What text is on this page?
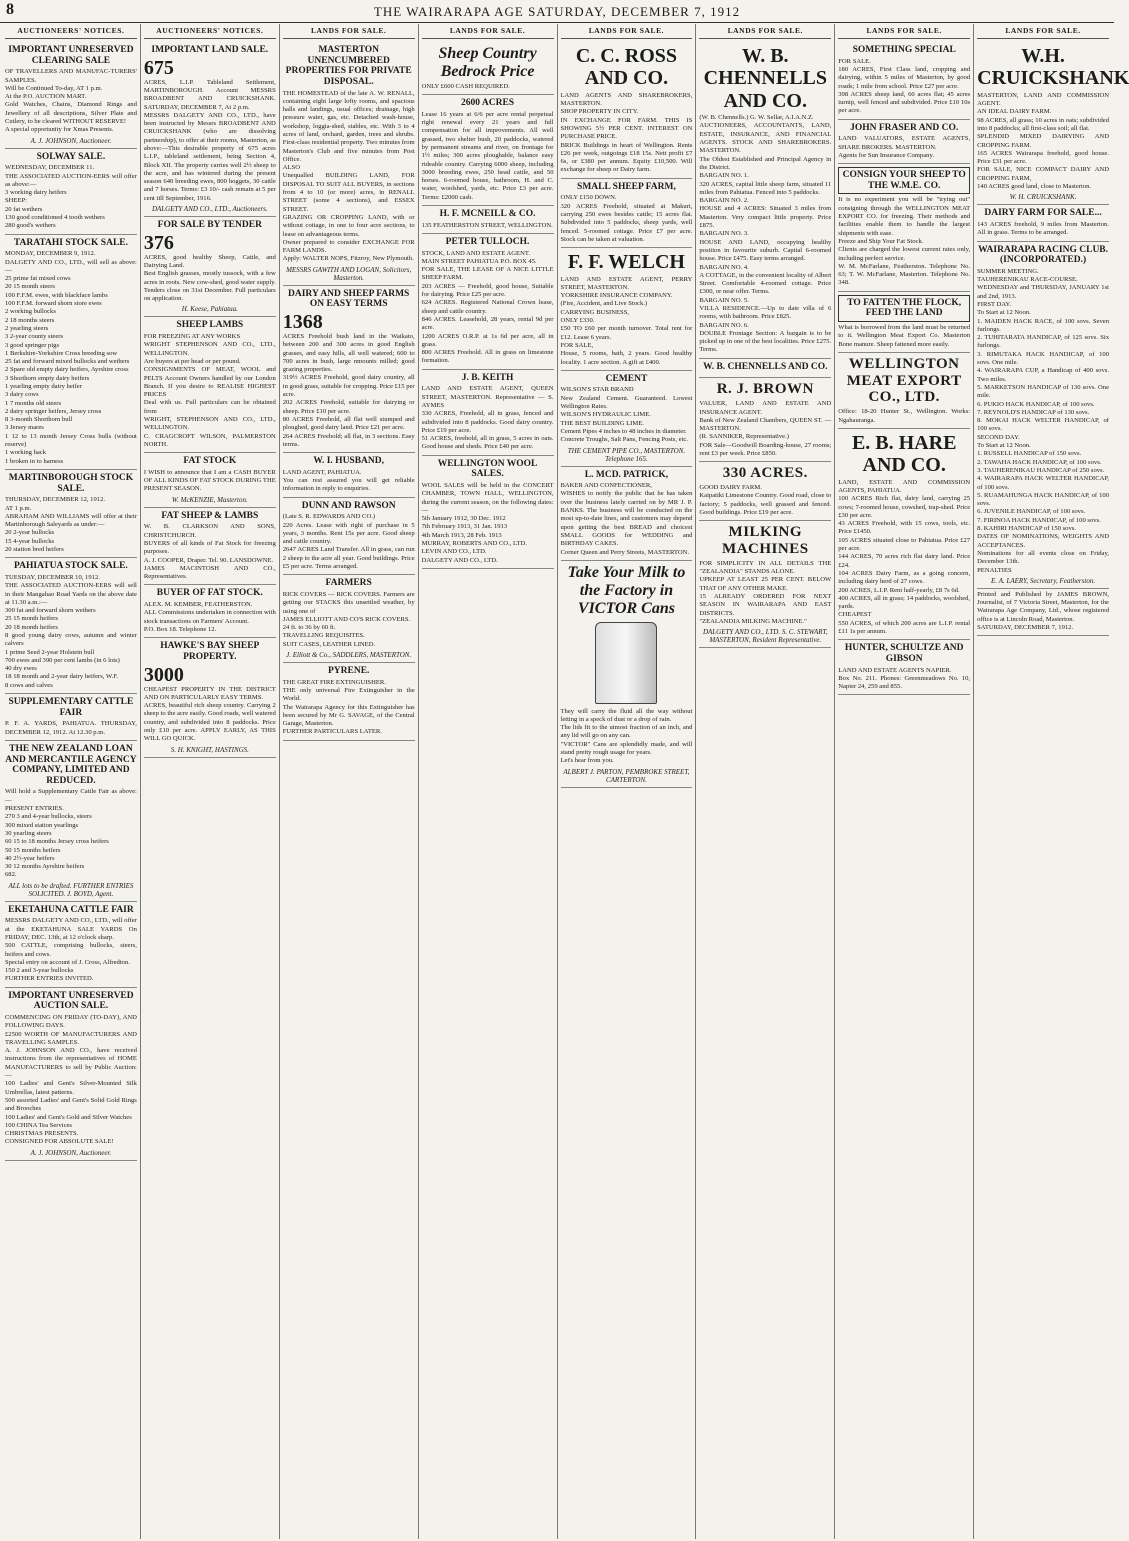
8	THE WAIRARAPA AGE SATURDAY, DECEMBER 7, 1912
AUCTIONEERS' NOTICES.
IMPORTANT UNRESERVED CLEARING SALE
OF TRAVELLERS AND MANUFAC-TURERS' SAMPLES.
Will be Continued To-day, AT 1 p.m.
At the P.O. AUCTION MART.
Gold Watches, Chains, Diamond Rings and Jewellery of all descriptions, Silver Plate and Cutlery, to be cleared WITHOUT RESERVE!
A special opportunity for Xmas Presents.
A. J. JOHNSON, Auctioneer.
SOLWAY SALE.
WEDNESDAY, DECEMBER 11.
THE ASSOCIATED AUCTION-EERS will offer as above:—
3 working dairy heifers
SHEEP:
20 fat wethers
130 good conditioned 4 tooth wethers
280 good's wethers
TARATAHI STOCK SALE.
MONDAY, DECEMBER 9, 1912.
DALGETY AND CO., LTD., will sell as above:—
25 prime fat mixed cows
20 15 month steers
100 F.F.M. ewes, with blackface lambs
100 F.F.M. forward shorn store ewes
2 working bullocks
2 18 months steers
2 yearling steers
3 2-year county steers
3 good springer pigs
1 Berkshire-Yorkshire Cross breeding sow
25 fat and forward mixed bullocks and wethers
2 Spare old empty dairy heifers, Ayrshire cross
3 Shorthorn empty dairy heifers
1 yearling empty dairy heifer
3 dairy cows
1 7 months old steers
2 dairy springer heifers, Jersey cross
8 3-month Shorthorn bull
3 Jersey mares
1 12 to 13 month Jersey Cross bulls (without reserve)
1 working hack
1 broken in to harness
MARTINBOROUGH STOCK SALE.
THURSDAY, DECEMBER 12, 1912.
AT 1 p.m.
ABRAHAM AND WILLIAMS will offer at their Martinborough Saleyards as under:—
20 2-year bullocks
15 4-year bullocks
20 station bred heifers
PAHIATUA STOCK SALE.
TUESDAY, DECEMBER 10, 1912.
THE ASSOCIATED AUCTION-EERS will sell in their Mangahao Road Yards on the above date at 11.30 a.m.:—
300 fat and forward shorn wethers
25 15 month heifers
20 18 month heifers
8 good young dairy cows, autumn and winter calvers
1 prime Seed 2-year Holstein bull
700 ewes and 390 per cent lambs (in 6 lots)
40 dry ewes
18 18 month and 2-year dairy heifers, W.F.
8 cows and calves
SUPPLEMENTARY CATTLE FAIR
P. F. A. YARDS, PAHIATUA. THURSDAY, DECEMBER 12, 1912. At 12.30 p.m.
THE NEW ZEALAND LOAN AND MERCANTILE AGENCY COMPANY, LIMITED AND REDUCED.
Will hold a Supplementary Cattle Fair as above:—
PRESENT ENTRIES.
270 3 and 4-year bullocks, steers
300 mixed station yearlings
30 yearling steers
60 15 to 18 months Jersey cross heifers
50 15 months heifers
40 2½-year heifers
30 12 months Ayrshire heifers
682.
ALL lots to be drafted. FURTHER ENTRIES SOLICITED. J. BOYD, Agent.
EKETAHUNA CATTLE FAIR
MESSRS DALGETY AND CO., LTD., will offer at the EKETAHUNA SALE YARDS On FRIDAY, DEC. 13th, at 12 o'clock sharp.
500 CATTLE, comprising bullocks, steers, heifers and cows.
Special entry on account of J. Cross, Alfredton.
150 2 and 3-year bullocks
FURTHER ENTRIES INVITED.
IMPORTANT UNRESERVED AUCTION SALE.
COMMENCING ON FRIDAY (TO-DAY), AND FOLLOWING DAYS.
£2500 WORTH OF MANUFACTURERS AND TRAVELLING SAMPLES.
A. J. JOHNSON AND CO., have received instructions from the representatives of HOME MANUFACTURERS to sell by Public Auction:—
100 Ladies' and Gent's Silver-Mounted Silk Umbrellas, latest patterns.
500 assorted Ladies' and Gent's Solid Gold Rings and Brooches
100 Ladies' and Gent's Gold and Silver Watches
100 CHINA Tea Services
CHRISTMAS PRESENTS.
CONSIGNED FOR ABSOLUTE SALE!
A. J. JOHNSON, Auctioneer.
AUCTIONEERS' NOTICES.
IMPORTANT LAND SALE.
675
ACRES, L.I.P. Tableland Settlement, MARTINBOROUGH. Account MESSRS BROADBENT AND CRUICKSHANK. SATURDAY, DECEMBER 7, At 2 p.m.
MESSRS DALGETY AND CO., LTD., have been instructed by Messrs BROADBENT AND CRUICKSHANK (who are dissolving partnership), to offer at their rooms, Masterton, as above:—This desirable property of 675 acres L.I.P., tableland settlement, being Section 4, Block XII. The property carries well 2½ sheep to the acre, and has wintered during the present season 640 breeding ewes, 800 hoggets, 30 cattle and 7 horses. Terms: £3 10/- cash remain at 5 per cent till September, 1916.
DALGETY AND CO., LTD., Auctioneers.
FOR SALE BY TENDER
376
ACRES, good healthy Sheep, Cattle, and Dairying Land.
Best English grasses, mostly tussock, with a few acres in roots. New cow-shed, good water supply. Tenders close on 31st December. Full particulars on application.
H. Keese, Pahiatua.
SHEEP LAMBS
FOR FREEZING AT ANY WORKS
WRIGHT STEPHENSON AND CO., LTD., WELLINGTON.
Are buyers at per head or per pound.
CONSIGNMENTS OF MEAT, WOOL and PELTS Account Owners handled by our London Branch. If you desire to REALISE HIGHEST PRICES
Deal with us. Full particulars can be obtained from
WRIGHT, STEPHENSON AND CO., LTD., WELLINGTON.
C. CRAGCROFT WILSON, PALMERSTON NORTH.
FAT STOCK
I WISH to announce that I am a CASH BUYER OF ALL KINDS OF FAT STOCK DURING THE PRESENT SEASON.
W. McKENZIE, Masterton.
FAT SHEEP & LAMBS
W. B. CLARKSON AND SONS, CHRISTCHURCH.
BUYERS of all kinds of Fat Stock for freezing purposes.
A. J. COOPER, Draper. Tel. 90. LANSDOWNE.
JAMES MACINTOSH AND CO., Representatives.
BUYER OF FAT STOCK.
ALEX. M. KEMBER, FEATHERSTON.
ALL Commissions undertaken in connection with stock transactions on Farmers' Account.
P.O. Box 18. Telephone 12.
HAWKE'S BAY SHEEP PROPERTY.
3000
CHEAPEST PROPERTY IN THE DISTRICT AND ON PARTICULARLY EASY TERMS.
ACRES, beautiful rich sheep country. Carrying 2 sheep to the acre easily. Good roads, well watered country, and subdivided into 8 paddocks. Price only £10 per acre. APPLY EARLY, AS THIS WILL GO QUICK.
S. H. KNIGHT, HASTINGS.
LANDS FOR SALE.
MASTERTON UNENCUMBERED PROPERTIES FOR PRIVATE DISPOSAL.
THE HOMESTEAD of the late A. W. RENALL, containing eight large lofty rooms, and spacious halls and landings, usual offices; drainage, high pressure water, gas, etc. Detached wash-house, workshop, loggia-shed, stables, etc. With 3 to 4 acres of land, orchard, garden, trees and shrubs. First-class residential property. Two minutes from Masterton's Club and five minutes from Post Office.
ALSO
Unequalled BUILDING LAND, FOR DISPOSAL TO SUIT ALL BUYERS, in sections from 4 to 10 (or more) acres, in RENALL STREET (some 4 sections), and ESSEX STREET.
GRAZING OR CROPPING LAND, with or without cottage, in one to four acre sections, to lease on advantageous terms.
Owner prepared to consider EXCHANGE FOR FARM LANDS.
Apply: WALTER NOPS, Fitzroy, New Plymouth.
MESSRS GAWITH AND LOGAN, Solicitors, Masterton.
DAIRY AND SHEEP FARMS ON EASY TERMS
1368
ACRES Freehold bush land in the Waikato, between 200 and 300 acres in good English grasses, and easy hills, all well watered; 600 to 700 acres in bush, large nmounts milled; good grazing properties.
319½ ACRES Freehold, good dairy country, all in good grass, suitable for cropping. Price £15 per acre.
202 ACRES Freehold, suitable for dairying or sheep. Price £10 per acre.
80 ACRES Freehold, all flat well stumped and ploughed, good dairy land. Price £21 per acre.
264 ACRES Freehold; all flat, in 3 sections. Easy terms.
W. I. HUSBAND,
LAND AGENT, PAHIATUA.
You can rest assured you will get reliable information in reply to enquiries.
DUNN AND RAWSON
(Late S. R. EDWARDS AND CO.)
220 Acres. Lease with right of purchase in 5 years, 3 months. Rent 15s per acre. Good sheep and cattle country.
2647 ACRES Land Transfer. All in grass, can run 2 sheep to the acre all year. Good buildings. Price £5 per acre. Terms arranged.
FARMERS
RICK COVERS — RICK COVERS. Farmers are getting our STACKS this unsettled weather, by using one of
JAMES ELLIOTT AND CO'S RICK COVERS.
24 ft. to 36 by 60 ft.
TRAVELLING REQUISITES.
SUIT CASES, LEATHER LINED.
J. Elliott & Co., SADDLERS, MASTERTON.
PYRENE.
THE GREAT FIRE EXTINGUISHER.
THE only universal Fire Extinguisher in the World.
The Wairarapa Agency for this Extinguisher has been secured by Mr G. SAVAGE, of the Central Garage, Masterton.
FURTHER PARTICULARS LATER.
LANDS FOR SALE.
Sheep Country Bedrock Price
ONLY £600 CASH REQUIRED.
2600 ACRES
Lease 16 years at 6/6 per acre rental perpetual right renewal every 21 years and full compensation for all improvements. All well grassed, two shelter bush, 20 paddocks, watered by permanent streams and river, on frontage for 1½ miles; 300 acres ploughable, balance easy rideable country. Carrying 6000 sheep, including 3000 breeding ewes, 250 head cattle, and 50 horses. 6-roomed house, bathroom, H. and C. water, woolshed, yards, etc. Price £3 per acre. Terms: £2000 cash.
H. F. MCNEILL & CO.
135 FEATHERSTON STREET, WELLINGTON.
PETER TULLOCH.
STOCK, LAND AND ESTATE AGENT.
MAIN STREET PAHIATUA P.O. BOX 45.
FOR SALE, THE LEASE OF A NICE LITTLE SHEEP FARM.
203 ACRES — Freehold, good house, Suitable for dairying. Price £25 per acre.
624 ACRES. Registered National Crown lease, sheep and cattle country.
846 ACRES. Leasehold, 28 years, rental 9d per acre.
1200 ACRES O.R.P. at 1s 6d per acre, all in grass.
800 ACRES Freehold. All in grass on limestone formation.
J. B. KEITH
LAND AND ESTATE AGENT, QUEEN STREET, MASTERTON. Representative — S. AYMES
330 ACRES, Freehold, all in grass, fenced and subdivided into 8 paddocks. Good dairy country. Price £19 per acre.
51 ACRES, freehold, all in grass, 5 acres in oats. Good house and sheds. Price £40 per acre.
WELLINGTON WOOL SALES.
WOOL SALES will be held in the CONCERT CHAMBER, TOWN HALL, WELLINGTON, during the current season, on the following dates:—
5th January 1912, 30 Dec. 1912
7th February 1913, 31 Jan. 1913
4th March 1913, 28 Feb. 1913
MURRAY, ROBERTS AND CO., LTD.
LEVIN AND CO., LTD.
DALGETY AND CO., LTD.
LANDS FOR SALE.
C. C. ROSS AND CO.
LAND AGENTS AND SHAREBROKERS, MASTERTON.
SHOP PROPERTY IN CITY.
IN EXCHANGE FOR FARM. THIS IS SHOWING 5½ PER CENT. INTEREST ON PURCHASE PRICE.
BRICK Buildings in heart of Wellington. Rents £26 per week, outgoings £18 15s. Nett profit £7 6s, or £380 per annum. Equity £10,500. Will exchange for sheep or Dairy farm.
SMALL SHEEP FARM,
ONLY £150 DOWN.
320 ACRES Freehold, situated at Makuri, carrying 250 ewes besides cattle; 15 acres flat. Subdivided into 5 paddocks, sheep yards, well fenced. 5-roomed cottage. Price £7 per acre. Stock can be taken at valuation.
F. F. WELCH
LAND AND ESTATE AGENT, PERRY STREET, MASTERTON.
YORKSHIRE INSURANCE COMPANY.
(Fire, Accident, and Live Stock.)
CARRYING BUSINESS,
ONLY £330.
£50 TO £60 per month turnover. Total rent for £12. Lease 6 years.
FOR SALE,
House, 5 rooms, bath, 2 years. Good healthy locality. 1 acre section. A gift at £400.
CEMENT
WILSON'S STAR BRAND
New Zealand Cement. Guaranteed. Lowest Wellington Rates.
WILSON'S HYDRAULIC LIME.
THE BEST BUILDING LIME.
Cement Pipes 4 inches to 48 inches in diameter.
Concrete Troughs, Salt Pans, Fencing Posts, etc.
THE CEMENT PIPE CO., MASTERTON. Telephone 165.
L. MCD. PATRICK,
BAKER AND CONFECTIONER,
WISHES to notify the public that he has taken over the business lately carried on by MR J. P. BANKS. The business will be conducted on the most up-to-date lines, and customers may depend upon getting the best BREAD and choicest SMALL GOODS for WEDDING and BIRTHDAY CAKES.
Corner Queen and Perry Streets, MASTERTON.
Take Your Milk to the Factory in VICTOR Cans
They will carry the fluid all the way without letting in a speck of dust or a drop of rain.
The lids fit to the utmost fraction of an inch, and any lid will go on any can.
"VICTOR" Cans are splendidly made, and will stand pretty rough usage for years.
Let's hear from you.
ALBERT J. PARTON, PEMBROKE STREET, CARTERTON.
LANDS FOR SALE.
W. B. CHENNELLS AND CO.
(W. B. Chennells.) G. W. Sellar, A.I.A.N.Z.
AUCTIONEERS, ACCOUNTANTS, LAND, ESTATE, INSURANCE, AND FINANCIAL AGENTS. STOCK AND SHAREBROKERS. MASTERTON.
The Oldest Established and Principal Agency in the District.
BARGAIN NO. 1.
320 ACRES, capital little sheep farm, situated 11 miles from Pahiatua. Fenced into 5 paddocks.
BARGAIN NO. 2.
HOUSE and 4 ACRES: Situated 3 miles from Masterton. Very compact little property. Price £875.
BARGAIN NO. 3.
HOUSE AND LAND, occupying healthy position in favourite suburb. Capital 6-roomed house. Price £475. Easy terms arranged.
BARGAIN NO. 4.
A COTTAGE, in the convenient locality of Albert Street. Comfortable 4-roomed cottage. Price £300, or near offer. Terms.
BARGAIN NO. 5.
VILLA RESIDENCE.—Up to date villa of 6 rooms, with bathroom. Price £825.
BARGAIN NO. 6.
DOUBLE Frontage Section: A bargain is to be picked up in one of the best localities. Price £275. Terms.
W. B. CHENNELLS AND CO.
R. J. BROWN
VALUER, LAND AND ESTATE AND INSURANCE AGENT.
Bank of New Zealand Chambers, QUEEN ST. — MASTERTON.
(R. SANNIKER, Representative.)
FOR Sale—Goodwill Boarding-house, 27 rooms; rent £3 per week. Price £850.
330 ACRES.
GOOD DAIRY FARM.
Kaipatiki Limestone Country. Good road, close to factory; 5 paddocks, well grassed and fenced. Good buildings. Price £19 per acre.
MILKING MACHINES
FOR SIMPLICITY IN ALL DETAILS THE "ZEALANDIA" STANDS ALONE.
UPKEEP AT LEAST 25 PER CENT. BELOW THAT OF ANY OTHER MAKE.
15 ALREADY ORDERED FOR NEXT SEASON IN WAIRARAPA AND EAST DISTRICTS.
"ZEALANDIA MILKING MACHINE."
DALGETY AND CO., LTD. S. C. STEWART, MASTERTON, Resident Representative.
LANDS FOR SALE.
SOMETHING SPECIAL
FOR SALE.
180 ACRES, First Class land, cropping and dairying, within 5 miles of Masterton, by good roads; 1 mile from school. Price £27 per acre.
398 ACRES sheep land, 60 acres flat; 45 acres turnip, well fenced and subdivided. Price £10 10s per acre.
JOHN FRASER AND CO.
LAND VALUATORS, ESTATE AGENTS, SHARE BROKERS. MASTERTON.
Agents for Sun Insurance Company.
CONSIGN YOUR SHEEP TO THE W.M.E. CO.
It is no experiment you will be "trying out" consigning through the WELLINGTON MEAT EXPORT CO. for freezing. Their methods and facilities enable them to handle the largest shipments with ease.
Freeze and Ship Your Fat Stock.
Clients are charged the lowest current rates only, including perfect service.
W. M. McFarlane, Featherston. Telephone No. 63; T. W. McFarlane, Masterton. Telephone No. 348.
TO FATTEN THE FLOCK, FEED THE LAND
What is borrowed from the land must be returned to it. Wellington Meat Export Co. Masterton Bone manure. Sheep fattened more easily.
WELLINGTON MEAT EXPORT CO., LTD.
Office: 18-20 Hunter St., Wellington. Works: Ngahauranga.
E. B. HARE AND CO.
LAND, ESTATE AND COMMISSION AGENTS, PAHIATUA.
100 ACRES Rich flat, dairy land, carrying 25 cows; 7-roomed house, cowshed, trap-shed. Price £30 per acre.
43 ACRES Freehold, with 15 cows, tools, etc. Price £1450.
105 ACRES situated close to Pahiatua. Price £27 per acre.
144 ACRES, 70 acres rich flat dairy land. Price £24.
104 ACRES Dairy Farm, as a going concern, including dairy herd of 27 cows.
200 ACRES, L.I.P. Rent half-yearly, £8 7s 6d.
400 ACRES, all in grass; 14 paddocks, woolshed, yards.
CHEAPEST
550 ACRES, of which 200 acres are L.I.P. rental £11 1s per annum.
HUNTER, SCHULTZE AND GIBSON
LAND AND ESTATE AGENTS NAPIER.
Box No. 211. Phones: Greenmeadows No. 10, Napier 24, 259 and 855.
LANDS FOR SALE.
W.H. CRUICKSHANK
MASTERTON, LAND AND COMMISSION AGENT.
AN IDEAL DAIRY FARM.
98 ACRES, all grass; 10 acres in oats; subdivided into 8 paddocks; all first-class soil; all flat.
SPLENDID MIXED DAIRYING AND CROPPING FARM.
165 ACRES Wairarapa freehold, good house. Price £31 per acre.
FOR SALE, NICE COMPACT DAIRY AND CROPPING FARM,
140 ACRES good land, close to Masterton.
W. H. CRUICKSHANK.
DAIRY FARM FOR SALE...
143 ACRES freehold, 9 miles from Masterton. All in grass. Terms to be arranged.
WAIRARAPA RACING CLUB. (INCORPORATED.)
SUMMER MEETING.
TAUHERENIKAU RACE-COURSE.
WEDNESDAY and THURSDAY, JANUARY 1st and 2nd, 1913.
FIRST DAY.
To Start at 12 Noon.
1. MAIDEN HACK RACE, of 100 sovs. Seven furlongs.
2. TUHITARATA HANDICAP, of 125 sovs. Six furlongs.
3. RIMUTAKA HACK HANDICAP, of 100 sovs. One mile.
4. WAIRARAPA CUP, a Handicap of 400 sovs. Two miles.
5. MARKETSON HANDICAP of 130 sovs. One mile.
6. PUKIO HACK HANDICAP, of 100 sovs.
7. REYNOLD'S HANDICAP of 130 sovs.
8. MOKAI HACK WELTER HANDICAP, of 100 sovs.
SECOND DAY.
To Start at 12 Noon.
1. RUSSELL HANDICAP of 150 sovs.
2. TAWAHA HACK HANDICAP, of 100 sovs.
3. TAUHERENIKAU HANDICAP of 250 sovs.
4. WAIRARAPA HACK WELTER HANDICAP, of 100 sovs.
5. RUAMAHUNGA HACK HANDICAP, of 100 sovs.
6. JUVENILE HANDICAP, of 100 sovs.
7. FIRINOA HACK HANDICAP, of 100 sovs.
8. KAHIRI HANDICAP of 150 sovs.
DATES OF NOMINATIONS, WEIGHTS AND ACCEPTANCES.
Nominations for all events close on Friday, December 13th.
PENALTIES
E. A. LAERY, Secretary, Featherston.
Printed and Published by JAMES BROWN, Journalist, of 7 Victoria Street, Masterton, for the Wairarapa Age Company, Ltd., whose registered office is at Lincoln Road, Masterton.
SATURDAY, DECEMBER 7, 1912.
